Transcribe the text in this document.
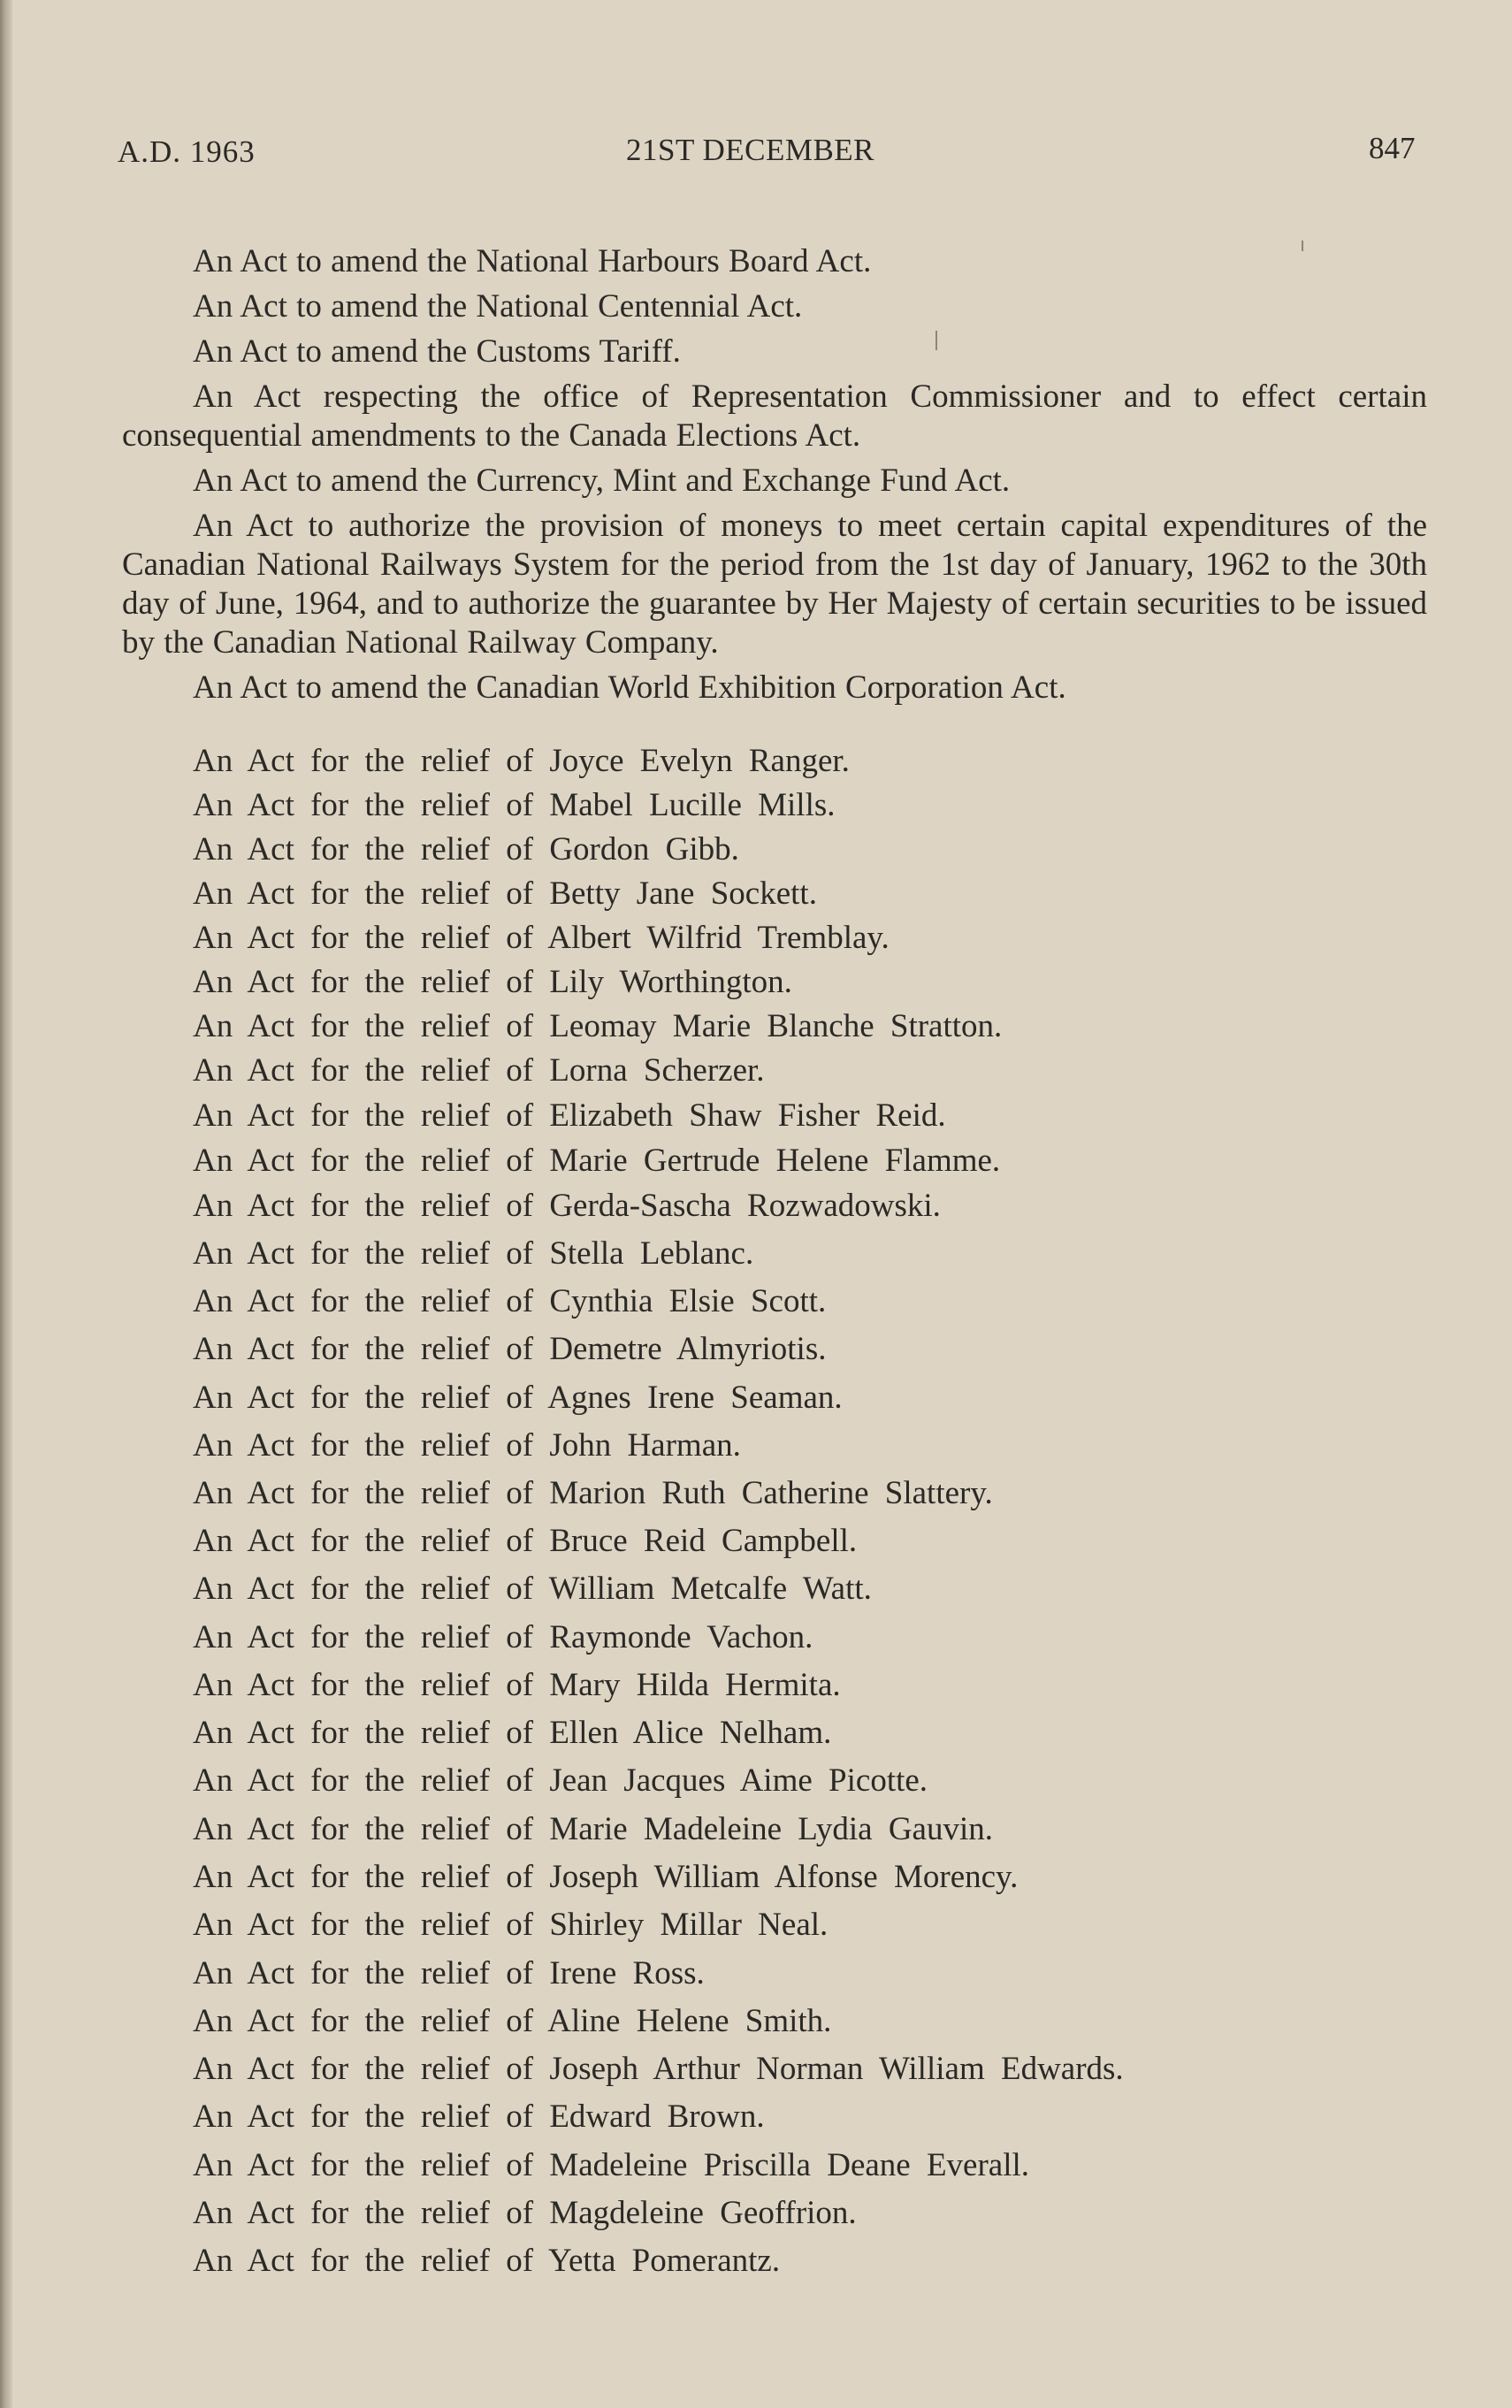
A.D. 1963	21ST DECEMBER	847

An Act to amend the National Harbours Board Act.

An Act to amend the National Centennial Act.

An Act to amend the Customs Tariff.

An Act respecting the office of Representation Commissioner and to effect certain consequential amendments to the Canada Elections Act.

An Act to amend the Currency, Mint and Exchange Fund Act.

An Act to authorize the provision of moneys to meet certain capital expenditures of the Canadian National Railways System for the period from the 1st day of January, 1962 to the 30th day of June, 1964, and to authorize the guarantee by Her Majesty of certain securities to be issued by the Canadian National Railway Company.

An Act to amend the Canadian World Exhibition Corporation Act.

An Act for the relief of Joyce Evelyn Ranger.
An Act for the relief of Mabel Lucille Mills.
An Act for the relief of Gordon Gibb.
An Act for the relief of Betty Jane Sockett.
An Act for the relief of Albert Wilfrid Tremblay.
An Act for the relief of Lily Worthington.
An Act for the relief of Leomay Marie Blanche Stratton.
An Act for the relief of Lorna Scherzer.
An Act for the relief of Elizabeth Shaw Fisher Reid.
An Act for the relief of Marie Gertrude Helene Flamme.
An Act for the relief of Gerda-Sascha Rozwadowski.
An Act for the relief of Stella Leblanc.
An Act for the relief of Cynthia Elsie Scott.
An Act for the relief of Demetre Almyriotis.
An Act for the relief of Agnes Irene Seaman.
An Act for the relief of John Harman.
An Act for the relief of Marion Ruth Catherine Slattery.
An Act for the relief of Bruce Reid Campbell.
An Act for the relief of William Metcalfe Watt.
An Act for the relief of Raymonde Vachon.
An Act for the relief of Mary Hilda Hermita.
An Act for the relief of Ellen Alice Nelham.
An Act for the relief of Jean Jacques Aime Picotte.
An Act for the relief of Marie Madeleine Lydia Gauvin.
An Act for the relief of Joseph William Alfonse Morency.
An Act for the relief of Shirley Millar Neal.
An Act for the relief of Irene Ross.
An Act for the relief of Aline Helene Smith.
An Act for the relief of Joseph Arthur Norman William Edwards.
An Act for the relief of Edward Brown.
An Act for the relief of Madeleine Priscilla Deane Everall.
An Act for the relief of Magdeleine Geoffrion.
An Act for the relief of Yetta Pomerantz.
